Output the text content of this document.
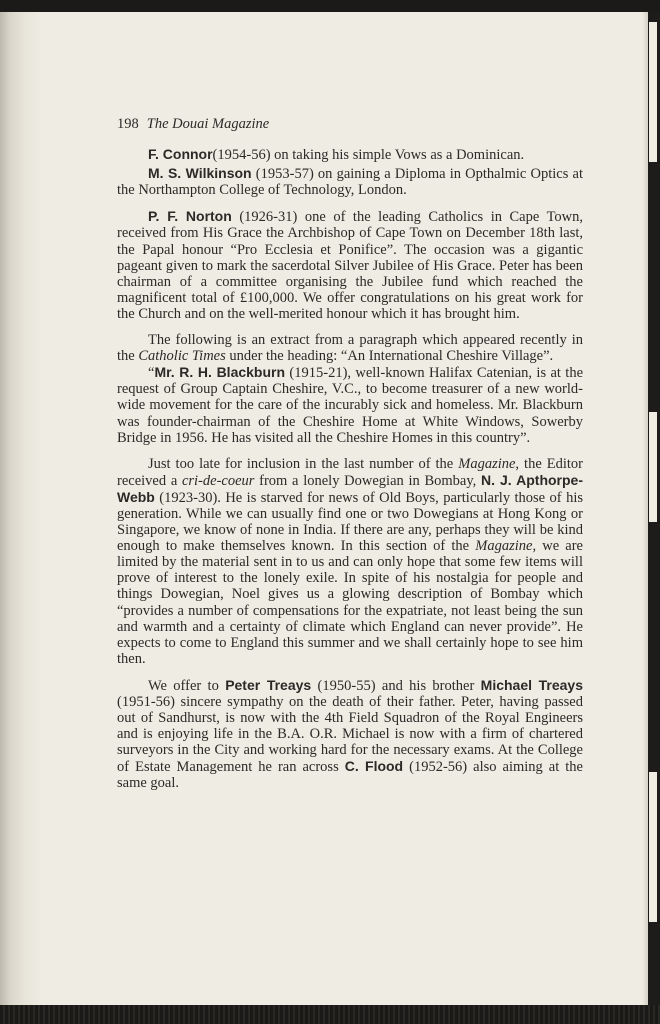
198 The Douai Magazine

F. Connor(1954-56) on taking his simple Vows as a Dominican.

M. S. Wilkinson (1953-57) on gaining a Diploma in Opthalmic Optics at the Northampton College of Technology, London.

P. F. Norton (1926-31) one of the leading Catholics in Cape Town, received from His Grace the Archbishop of Cape Town on December 18th last, the Papal honour “Pro Ecclesia et Ponifice”. The occasion was a gigantic pageant given to mark the sacerdotal Silver Jubilee of His Grace. Peter has been chairman of a committee organising the Jubilee fund which reached the magnificent total of £100,000. We offer congratulations on his great work for the Church and on the well-merited honour which it has brought him.

The following is an extract from a paragraph which appeared recently in the Catholic Times under the heading: “An International Cheshire Village”.

“Mr. R. H. Blackburn (1915-21), well-known Halifax Catenian, is at the request of Group Captain Cheshire, V.C., to become treasurer of a new world-wide movement for the care of the incurably sick and homeless. Mr. Blackburn was founder-chairman of the Cheshire Home at White Windows, Sowerby Bridge in 1956. He has visited all the Cheshire Homes in this country”.

Just too late for inclusion in the last number of the Magazine, the Editor received a cri-de-coeur from a lonely Dowegian in Bombay, N. J. Apthorpe-Webb (1923-30). He is starved for news of Old Boys, particularly those of his generation. While we can usually find one or two Dowegians at Hong Kong or Singapore, we know of none in India. If there are any, perhaps they will be kind enough to make themselves known. In this section of the Magazine, we are limited by the material sent in to us and can only hope that some few items will prove of interest to the lonely exile. In spite of his nostalgia for people and things Dowegian, Noel gives us a glowing description of Bombay which “provides a number of compensations for the expatriate, not least being the sun and warmth and a certainty of climate which England can never provide”. He expects to come to England this summer and we shall certainly hope to see him then.

We offer to Peter Treays (1950-55) and his brother Michael Treays (1951-56) sincere sympathy on the death of their father. Peter, having passed out of Sandhurst, is now with the 4th Field Squadron of the Royal Engineers and is enjoying life in the B.A. O.R. Michael is now with a firm of chartered surveyors in the City and working hard for the necessary exams. At the College of Estate Management he ran across C. Flood (1952-56) also aiming at the same goal.
